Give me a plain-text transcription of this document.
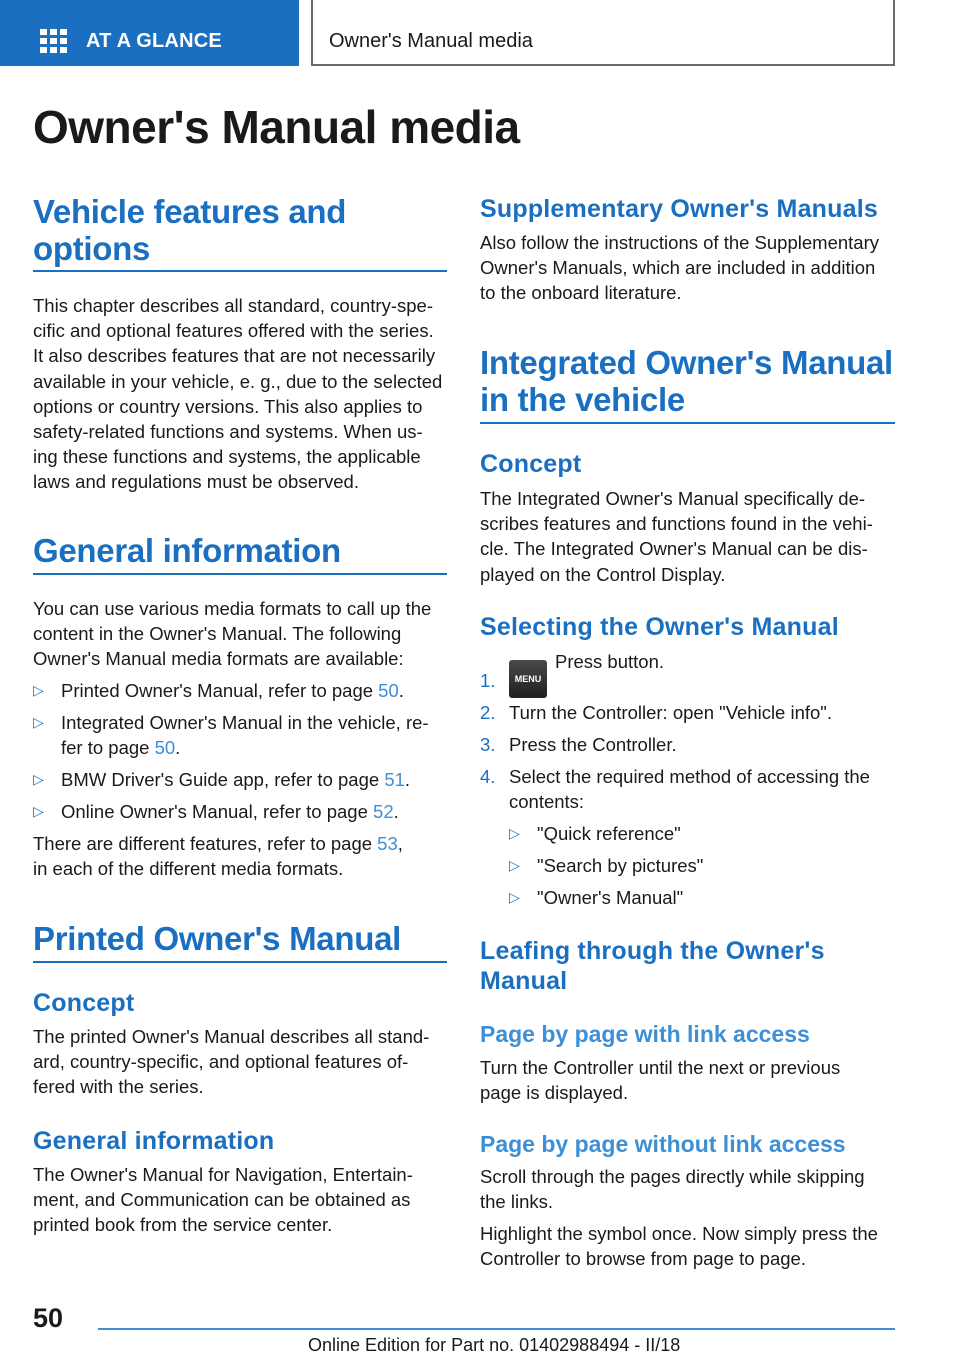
AT A GLANCE	Owner's Manual media
Owner's Manual media
Vehicle features and options
This chapter describes all standard, country-spe-
cific and optional features offered with the series.
It also describes features that are not necessarily
available in your vehicle, e. g., due to the selected
options or country versions. This also applies to
safety-related functions and systems. When us-
ing these functions and systems, the applicable
laws and regulations must be observed.
General information
You can use various media formats to call up the
content in the Owner's Manual. The following
Owner's Manual media formats are available:
▷ Printed Owner's Manual, refer to page 50.
▷ Integrated Owner's Manual in the vehicle, re-
fer to page 50.
▷ BMW Driver's Guide app, refer to page 51.
▷ Online Owner's Manual, refer to page 52.
There are different features, refer to page 53,
in each of the different media formats.
Printed Owner's Manual
Concept
The printed Owner's Manual describes all stand-
ard, country-specific, and optional features of-
fered with the series.
General information
The Owner's Manual for Navigation, Entertain-
ment, and Communication can be obtained as
printed book from the service center.
Supplementary Owner's Manuals
Also follow the instructions of the Supplementary
Owner's Manuals, which are included in addition
to the onboard literature.
Integrated Owner's Manual in the vehicle
Concept
The Integrated Owner's Manual specifically de-
scribes features and functions found in the vehi-
cle. The Integrated Owner's Manual can be dis-
played on the Control Display.
Selecting the Owner's Manual
1.	MENUPress button.
2. Turn the Controller: open "Vehicle info".
3. Press the Controller.
4. Select the required method of accessing the
contents:
▷ "Quick reference"
▷ "Search by pictures"
▷ "Owner's Manual"
Leafing through the Owner's Manual
Page by page with link access
Turn the Controller until the next or previous
page is displayed.
Page by page without link access
Scroll through the pages directly while skipping
the links.
Highlight the symbol once. Now simply press the
Controller to browse from page to page.
50
Online Edition for Part no. 01402988494 - II/18
